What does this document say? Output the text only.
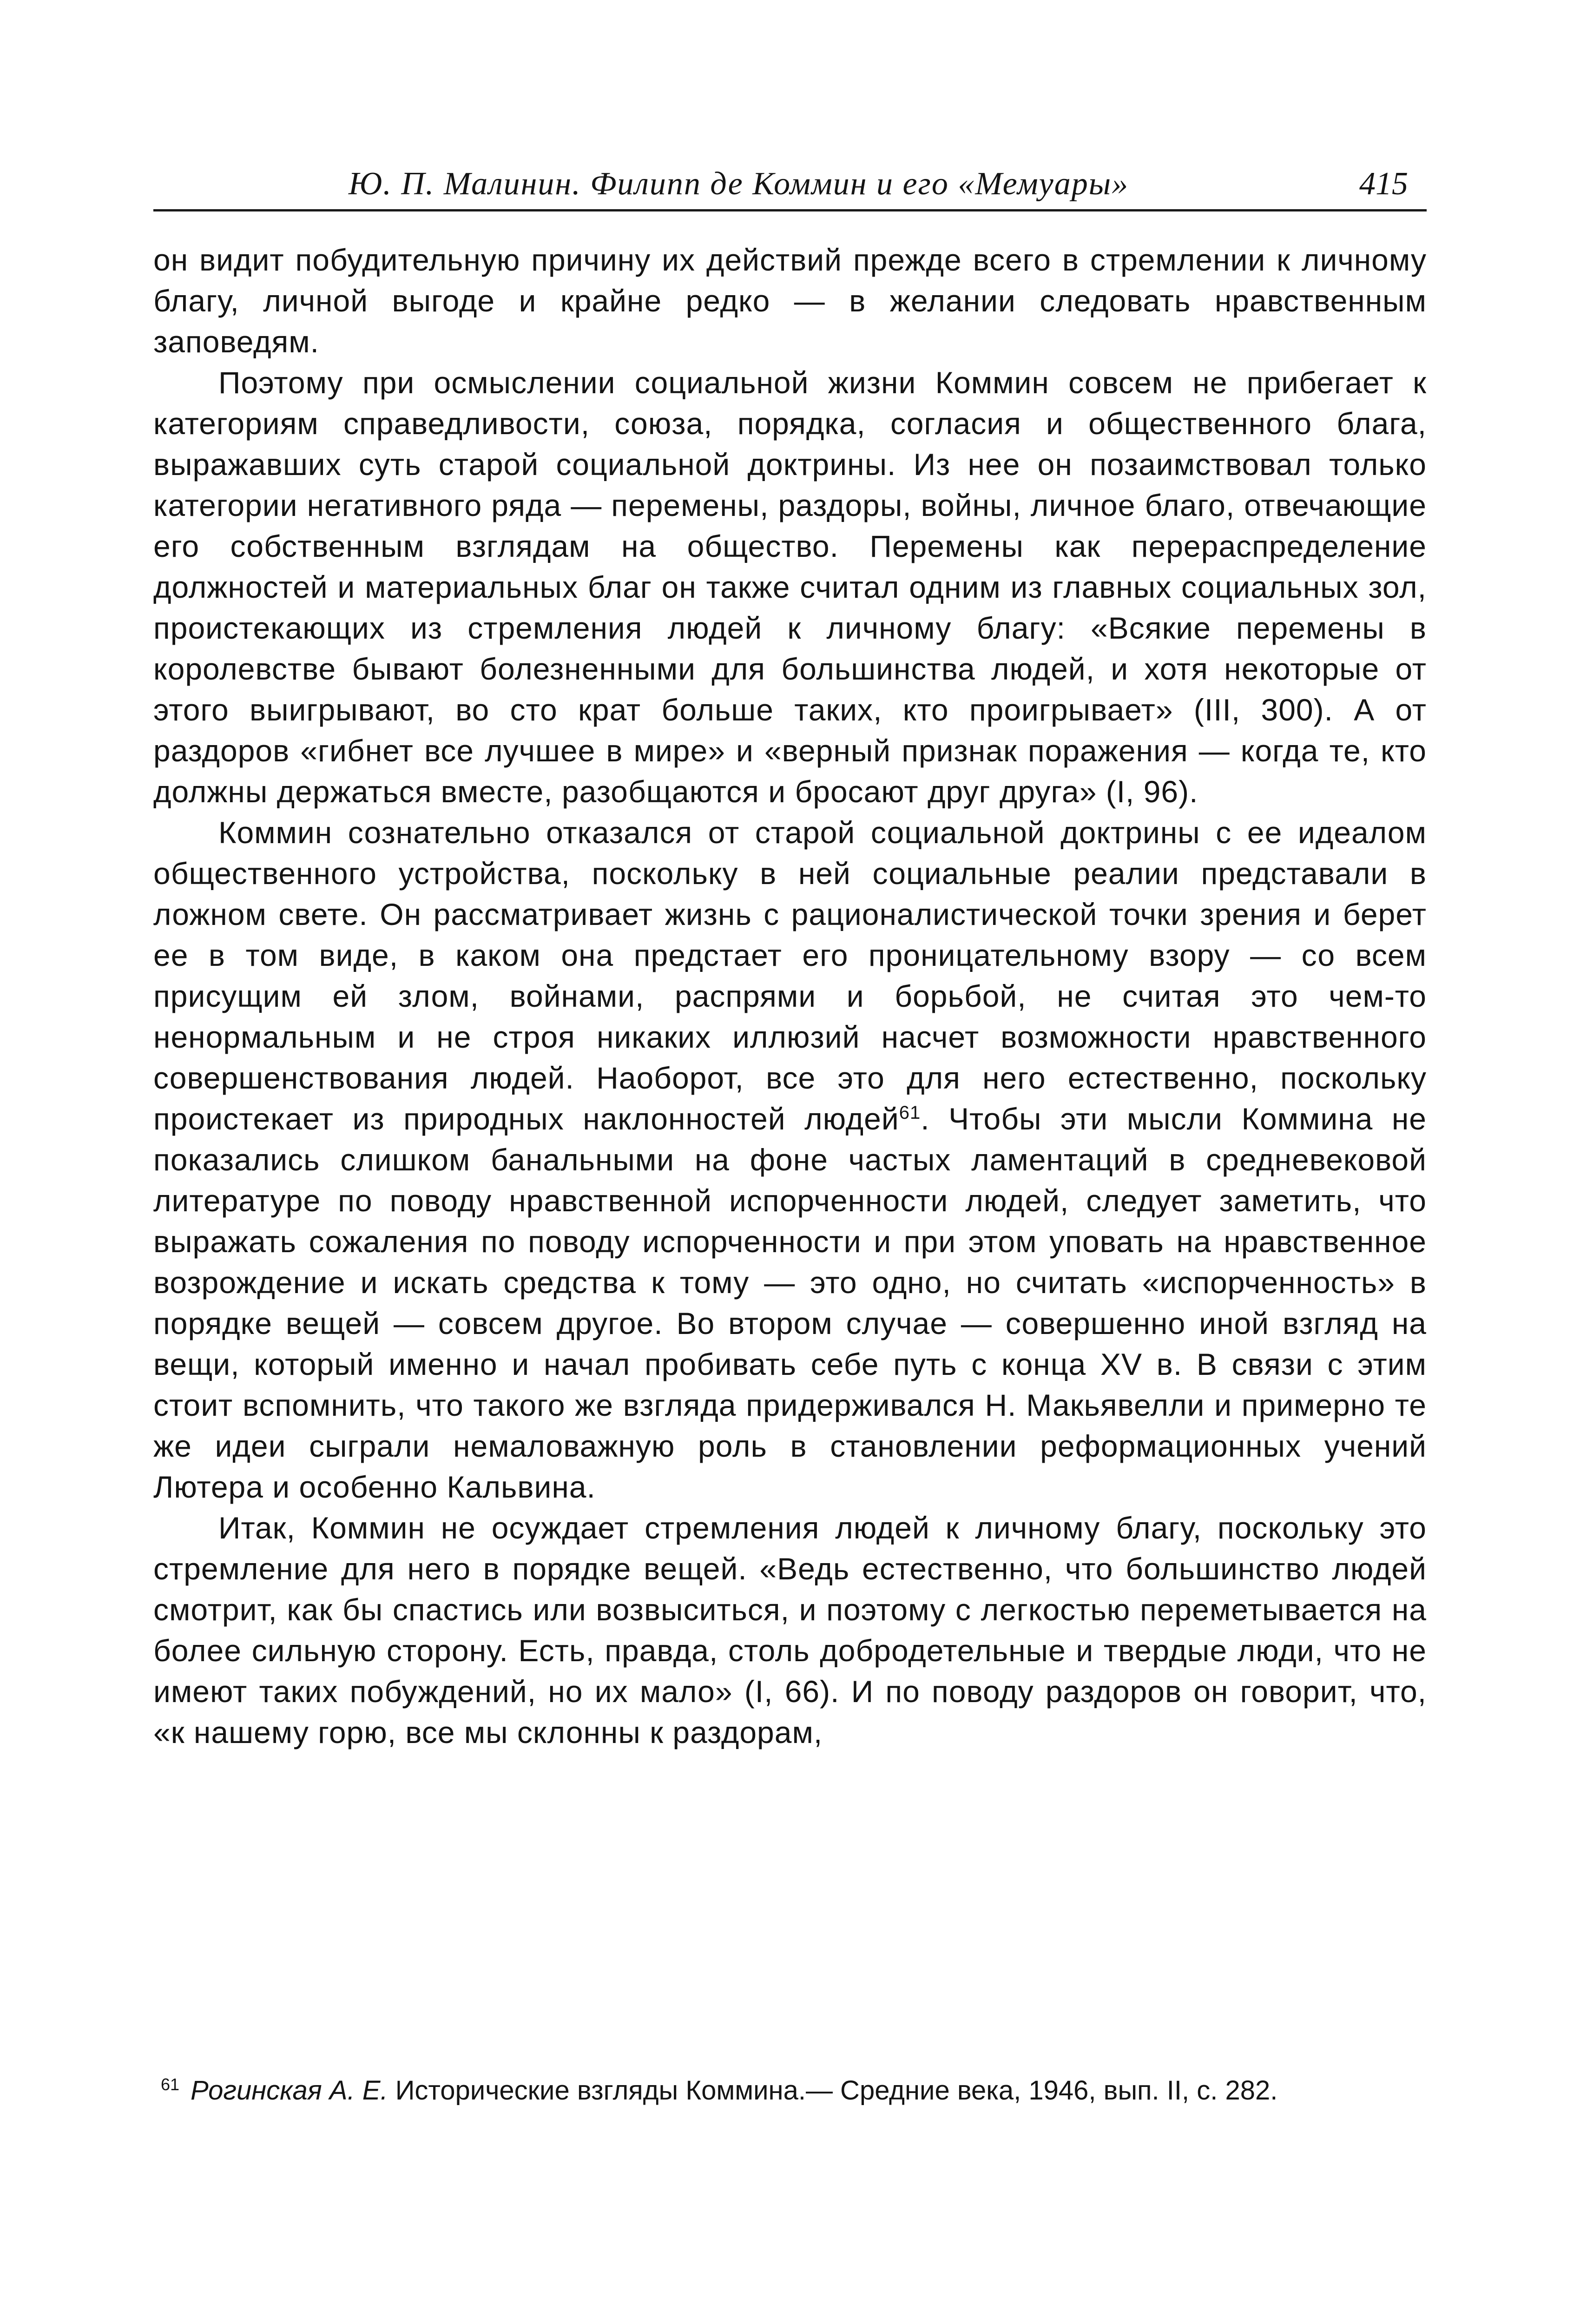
Ю. П. Малинин. Филипп де Коммин и его «Мемуары»	415

он видит побудительную причину их действий прежде всего в стремлении к личному благу, личной выгоде и крайне редко — в желании следовать нравственным заповедям.

Поэтому при осмыслении социальной жизни Коммин совсем не прибегает к категориям справедливости, союза, порядка, согласия и общественного блага, выражавших суть старой социальной доктрины. Из нее он позаимствовал только категории негативного ряда — перемены, раздоры, войны, личное благо, отвечающие его собственным взглядам на общество. Перемены как перераспределение должностей и материальных благ он также считал одним из главных социальных зол, проистекающих из стремления людей к личному благу: «Всякие перемены в королевстве бывают болезненными для большинства людей, и хотя некоторые от этого выигрывают, во сто крат больше таких, кто проигрывает» (III, 300). А от раздоров «гибнет все лучшее в мире» и «верный признак поражения — когда те, кто должны держаться вместе, разобщаются и бросают друг друга» (I, 96).

Коммин сознательно отказался от старой социальной доктрины с ее идеалом общественного устройства, поскольку в ней социальные реалии представали в ложном свете. Он рассматривает жизнь с рационалистической точки зрения и берет ее в том виде, в каком она предстает его проницательному взору — со всем присущим ей злом, войнами, распрями и борьбой, не считая это чем-то ненормальным и не строя никаких иллюзий насчет возможности нравственного совершенствования людей. Наоборот, все это для него естественно, поскольку проистекает из природных наклонностей людей$^{61}$. Чтобы эти мысли Коммина не показались слишком банальными на фоне частых ламентаций в средневековой литературе по поводу нравственной испорченности людей, следует заметить, что выражать сожаления по поводу испорченности и при этом уповать на нравственное возрождение и искать средства к тому — это одно, но считать «испорченность» в порядке вещей — совсем другое. Во втором случае — совершенно иной взгляд на вещи, который именно и начал пробивать себе путь с конца XV в. В связи с этим стоит вспомнить, что такого же взгляда придерживался Н. Макьявелли и примерно те же идеи сыграли немаловажную роль в становлении реформационных учений Лютера и особенно Кальвина.

Итак, Коммин не осуждает стремления людей к личному благу, поскольку это стремление для него в порядке вещей. «Ведь естественно, что большинство людей смотрит, как бы спастись или возвыситься, и поэтому с легкостью переметывается на более сильную сторону. Есть, правда, столь добродетельные и твердые люди, что не имеют таких побуждений, но их мало» (I, 66). И по поводу раздоров он говорит, что, «к нашему горю, все мы склонны к раздорам,

$^{61}$ Рогинская А. Е. Исторические взгляды Коммина.— Средние века, 1946, вып. II, с. 282.
